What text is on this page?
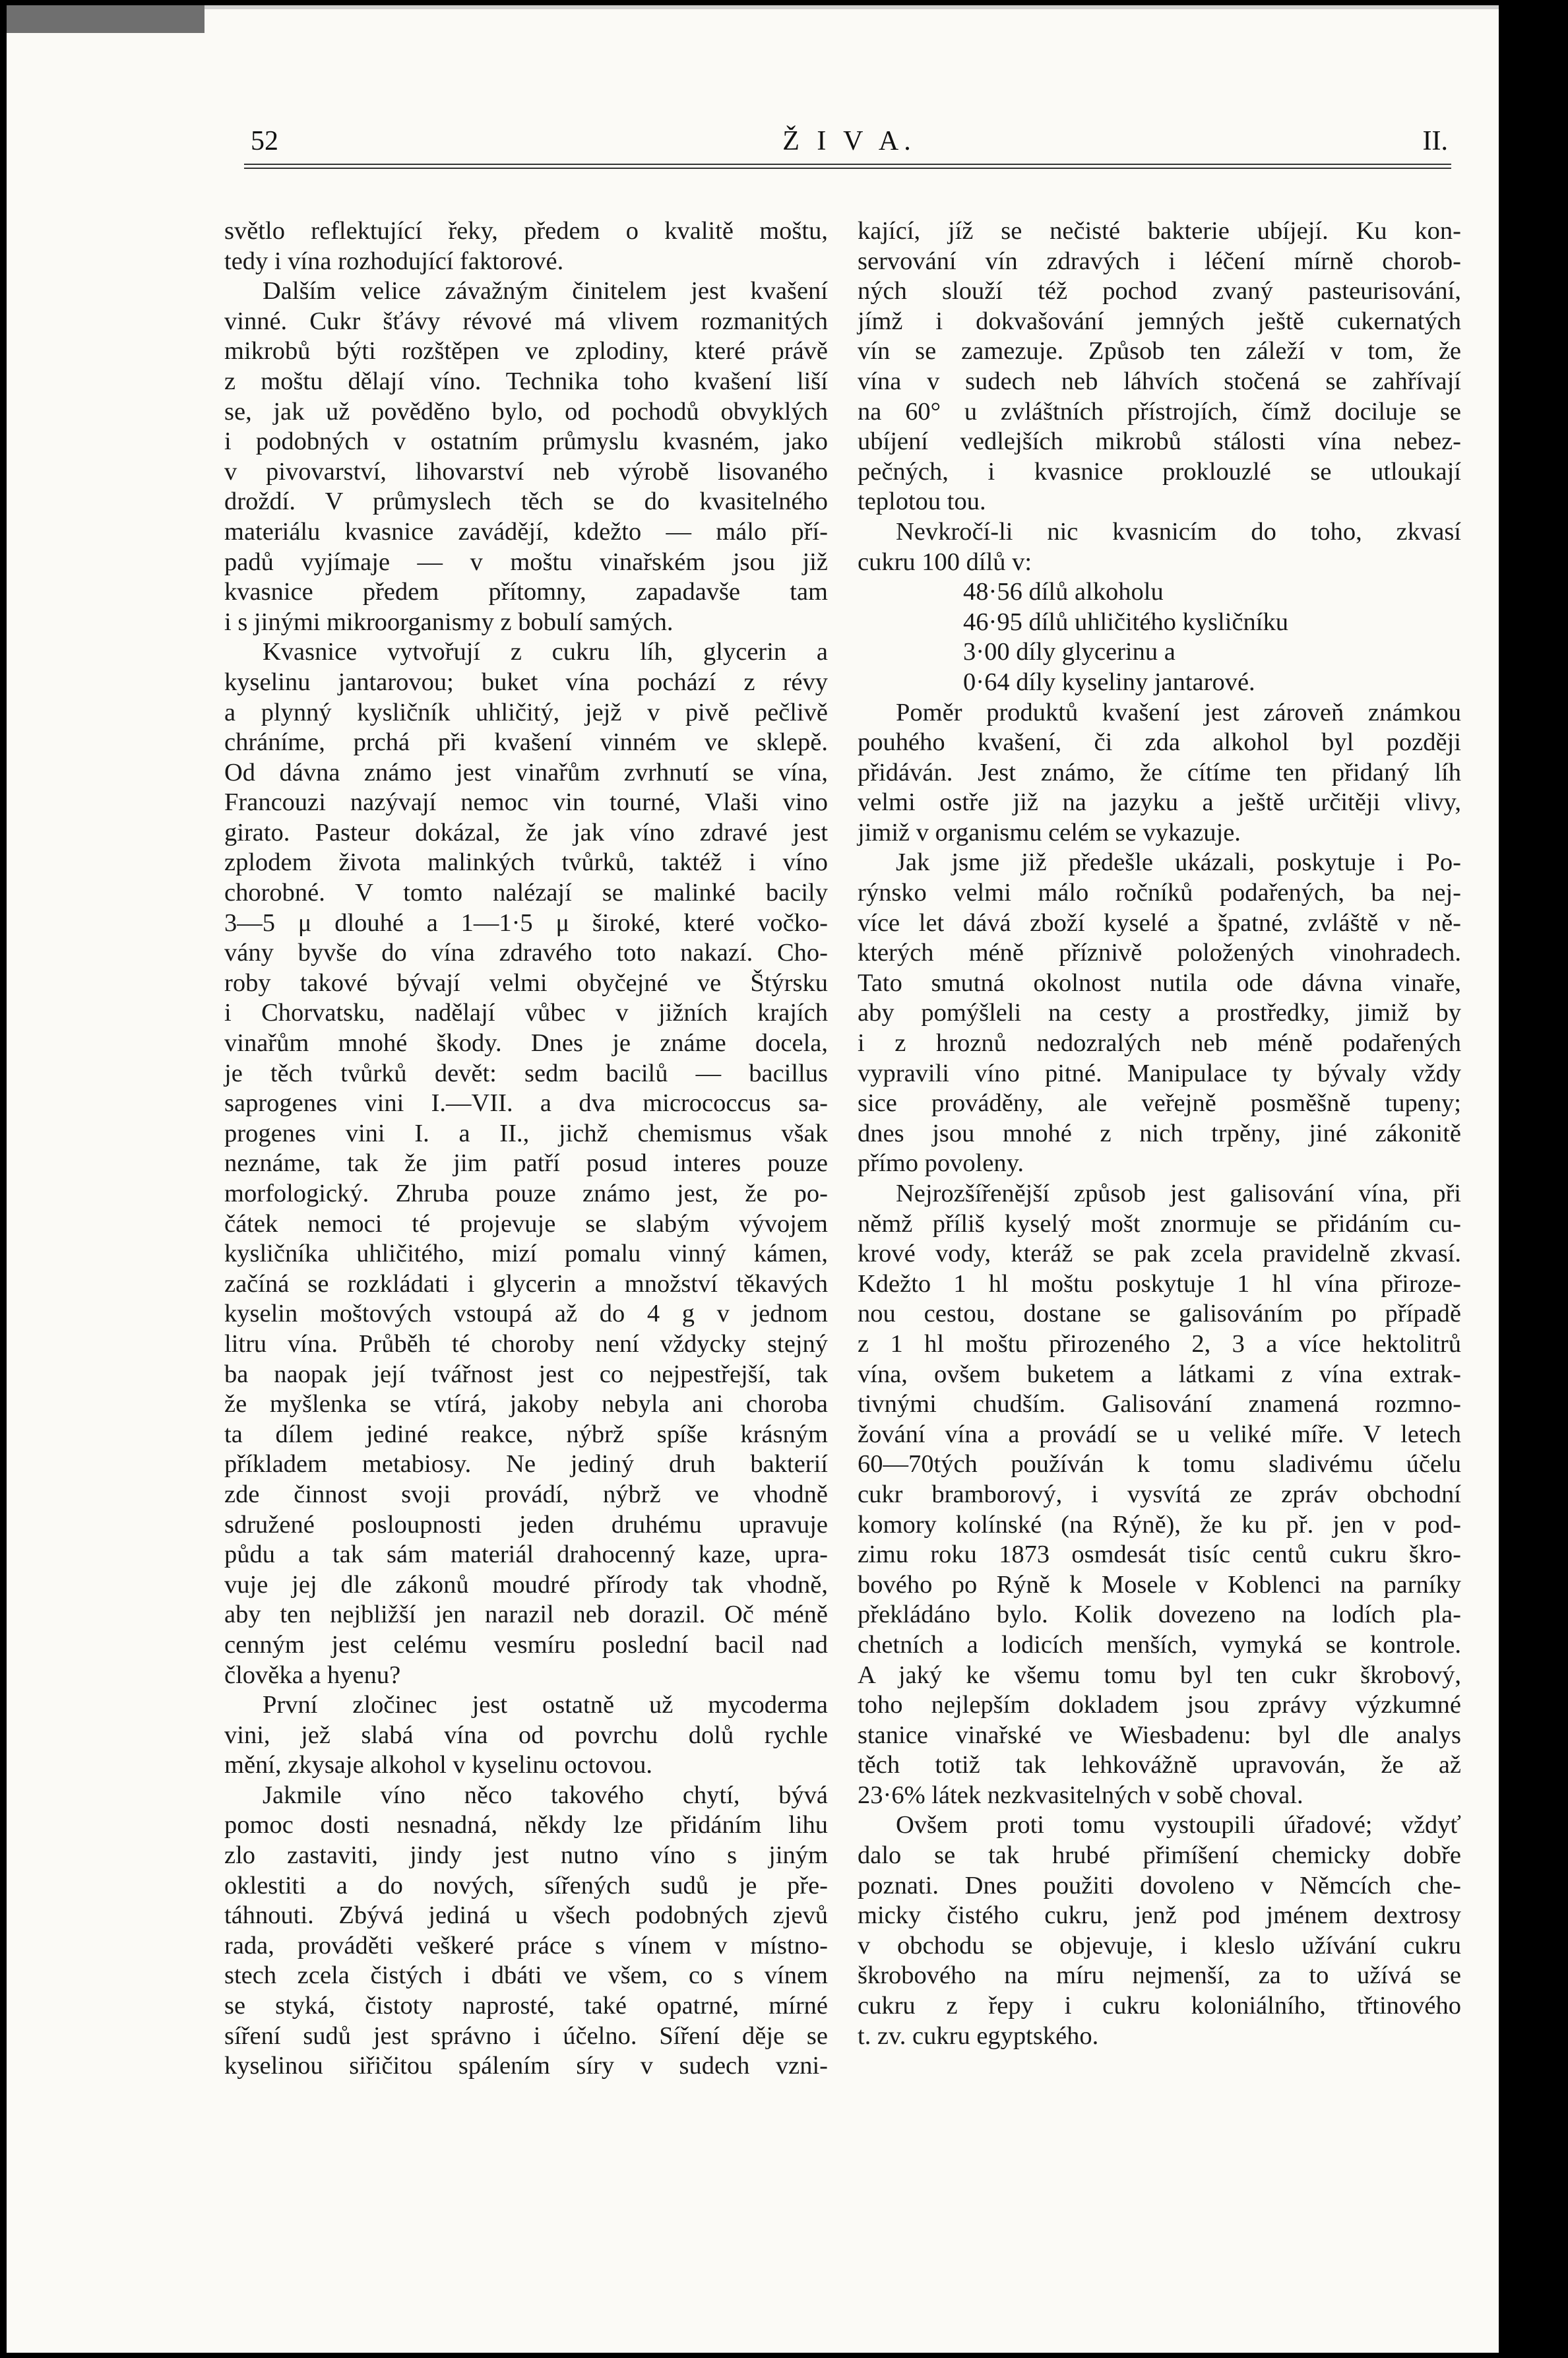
52	Ž I V A.	II.
světlo reflektující řeky, předem o kvalitě moštu,
tedy i vína rozhodující faktorové.
Dalším velice závažným činitelem jest kvašení
vinné. Cukr šťávy révové má vlivem rozmanitých
mikrobů býti rozštěpen ve zplodiny, které právě
z moštu dělají víno. Technika toho kvašení liší
se, jak už pověděno bylo, od pochodů obvyklých
i podobných v ostatním průmyslu kvasném, jako
v pivovarství, lihovarství neb výrobě lisovaného
droždí. V průmyslech těch se do kvasitelného
materiálu kvasnice zavádějí, kdežto — málo pří-
padů vyjímaje — v moštu vinařském jsou již
kvasnice předem přítomny, zapadavše tam
i s jinými mikroorganismy z bobulí samých.
Kvasnice vytvořují z cukru líh, glycerin a
kyselinu jantarovou; buket vína pochází z révy
a plynný kysličník uhličitý, jejž v pivě pečlivě
chráníme, prchá při kvašení vinném ve sklepě.
Od dávna známo jest vinařům zvrhnutí se vína,
Francouzi nazývají nemoc vin tourné, Vlaši vino
girato. Pasteur dokázal, že jak víno zdravé jest
zplodem života malinkých tvůrků, taktéž i víno
chorobné. V tomto nalézají se malinké bacily
3—5 μ dlouhé a 1—1·5 μ široké, které vočko-
vány byvše do vína zdravého toto nakazí. Cho-
roby takové bývají velmi obyčejné ve Štýrsku
i Chorvatsku, nadělají vůbec v jižních krajích
vinařům mnohé škody. Dnes je známe docela,
je těch tvůrků devět: sedm bacilů — bacillus
saprogenes vini I.—VII. a dva micrococcus sa-
progenes vini I. a II., jichž chemismus však
neznáme, tak že jim patří posud interes pouze
morfologický. Zhruba pouze známo jest, že po-
čátek nemoci té projevuje se slabým vývojem
kysličníka uhličitého, mizí pomalu vinný kámen,
začíná se rozkládati i glycerin a množství těkavých
kyselin moštových vstoupá až do 4 g v jednom
litru vína. Průběh té choroby není vždycky stejný
ba naopak její tvářnost jest co nejpestřejší, tak
že myšlenka se vtírá, jakoby nebyla ani choroba
ta dílem jediné reakce, nýbrž spíše krásným
příkladem metabiosy. Ne jediný druh bakterií
zde činnost svoji provádí, nýbrž ve vhodně
sdružené posloupnosti jeden druhému upravuje
půdu a tak sám materiál drahocenný kaze, upra-
vuje jej dle zákonů moudré přírody tak vhodně,
aby ten nejbližší jen narazil neb dorazil. Oč méně
cenným jest celému vesmíru poslední bacil nad
člověka a hyenu?
První zločinec jest ostatně už mycoderma
vini, jež slabá vína od povrchu dolů rychle
mění, zkysaje alkohol v kyselinu octovou.
Jakmile víno něco takového chytí, bývá
pomoc dosti nesnadná, někdy lze přidáním lihu
zlo zastaviti, jindy jest nutno víno s jiným
oklestiti a do nových, sířených sudů je pře-
táhnouti. Zbývá jediná u všech podobných zjevů
rada, prováděti veškeré práce s vínem v místno-
stech zcela čistých i dbáti ve všem, co s vínem
se styká, čistoty naprosté, také opatrné, mírné
síření sudů jest správno i účelno. Síření děje se
kyselinou siřičitou spálením síry v sudech vzni-
kající, jíž se nečisté bakterie ubíjejí. Ku kon-
servování vín zdravých i léčení mírně chorob-
ných slouží též pochod zvaný pasteurisování,
jímž i dokvašování jemných ještě cukernatých
vín se zamezuje. Způsob ten záleží v tom, že
vína v sudech neb láhvích stočená se zahřívají
na 60° u zvláštních přístrojích, čímž dociluje se
ubíjení vedlejších mikrobů stálosti vína nebez-
pečných, i kvasnice proklouzlé se utloukají
teplotou tou.
Nevkročí-li nic kvasnicím do toho, zkvasí
cukru 100 dílů v:
48·56 dílů alkoholu
46·95 dílů uhličitého kysličníku
3·00 díly glycerinu a
0·64 díly kyseliny jantarové.
Poměr produktů kvašení jest zároveň známkou
pouhého kvašení, či zda alkohol byl později
přidáván. Jest známo, že cítíme ten přidaný líh
velmi ostře již na jazyku a ještě určitěji vlivy,
jimiž v organismu celém se vykazuje.
Jak jsme již předešle ukázali, poskytuje i Po-
rýnsko velmi málo ročníků podařených, ba nej-
více let dává zboží kyselé a špatné, zvláště v ně-
kterých méně příznivě položených vinohradech.
Tato smutná okolnost nutila ode dávna vinaře,
aby pomýšleli na cesty a prostředky, jimiž by
i z hroznů nedozralých neb méně podařených
vypravili víno pitné. Manipulace ty bývaly vždy
sice prováděny, ale veřejně posměšně tupeny;
dnes jsou mnohé z nich trpěny, jiné zákonitě
přímo povoleny.
Nejrozšířenější způsob jest galisování vína, při
němž příliš kyselý mošt znormuje se přidáním cu-
krové vody, kteráž se pak zcela pravidelně zkvasí.
Kdežto 1 hl moštu poskytuje 1 hl vína přiroze-
nou cestou, dostane se galisováním po případě
z 1 hl moštu přirozeného 2, 3 a více hektolitrů
vína, ovšem buketem a látkami z vína extrak-
tivnými chudším. Galisování znamená rozmno-
žování vína a provádí se u veliké míře. V letech
60—70tých používán k tomu sladivému účelu
cukr bramborový, i vysvítá ze zpráv obchodní
komory kolínské (na Rýně), že ku př. jen v pod-
zimu roku 1873 osmdesát tisíc centů cukru škro-
bového po Rýně k Mosele v Koblenci na parníky
překládáno bylo. Kolik dovezeno na lodích pla-
chetních a lodicích menších, vymyká se kontrole.
A jaký ke všemu tomu byl ten cukr škrobový,
toho nejlepším dokladem jsou zprávy výzkumné
stanice vinařské ve Wiesbadenu: byl dle analys
těch totiž tak lehkovážně upravován, že až
23·6% látek nezkvasitelných v sobě choval.
Ovšem proti tomu vystoupili úřadové; vždyť
dalo se tak hrubé přimíšení chemicky dobře
poznati. Dnes použiti dovoleno v Němcích che-
micky čistého cukru, jenž pod jménem dextrosy
v obchodu se objevuje, i kleslo užívání cukru
škrobového na míru nejmenší, za to užívá se
cukru z řepy i cukru koloniálního, třtinového
t. zv. cukru egyptského.
